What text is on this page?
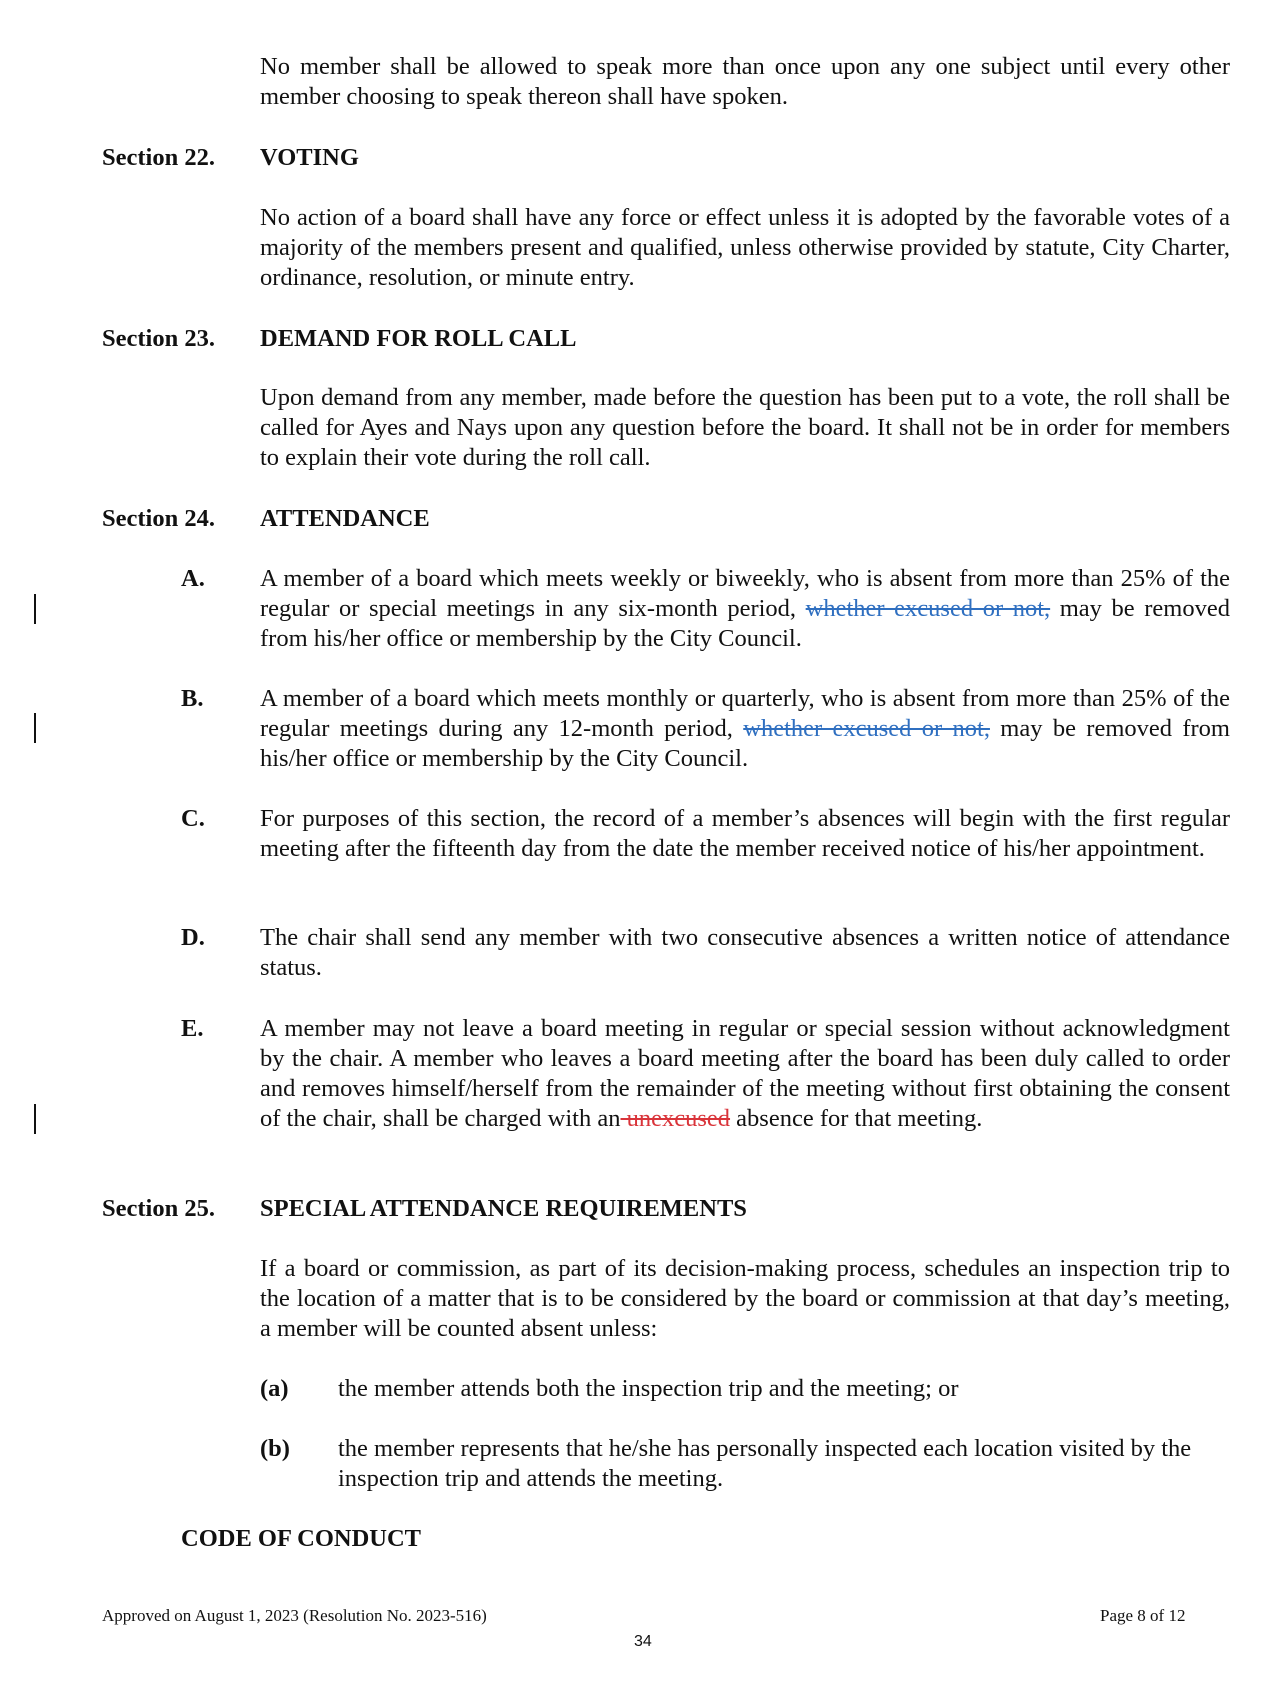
No member shall be allowed to speak more than once upon any one subject until every other member choosing to speak thereon shall have spoken.
Section 22. VOTING
No action of a board shall have any force or effect unless it is adopted by the favorable votes of a majority of the members present and qualified, unless otherwise provided by statute, City Charter, ordinance, resolution, or minute entry.
Section 23. DEMAND FOR ROLL CALL
Upon demand from any member, made before the question has been put to a vote, the roll shall be called for Ayes and Nays upon any question before the board. It shall not be in order for members to explain their vote during the roll call.
Section 24. ATTENDANCE
A. A member of a board which meets weekly or biweekly, who is absent from more than 25% of the regular or special meetings in any six-month period, whether excused or not, may be removed from his/her office or membership by the City Council.
B. A member of a board which meets monthly or quarterly, who is absent from more than 25% of the regular meetings during any 12-month period, whether excused or not, may be removed from his/her office or membership by the City Council.
C. For purposes of this section, the record of a member’s absences will begin with the first regular meeting after the fifteenth day from the date the member received notice of his/her appointment.
D. The chair shall send any member with two consecutive absences a written notice of attendance status.
E. A member may not leave a board meeting in regular or special session without acknowledgment by the chair. A member who leaves a board meeting after the board has been duly called to order and removes himself/herself from the remainder of the meeting without first obtaining the consent of the chair, shall be charged with an unexcused absence for that meeting.
Section 25. SPECIAL ATTENDANCE REQUIREMENTS
If a board or commission, as part of its decision-making process, schedules an inspection trip to the location of a matter that is to be considered by the board or commission at that day’s meeting, a member will be counted absent unless:
(a) the member attends both the inspection trip and the meeting; or
(b) the member represents that he/she has personally inspected each location visited by the inspection trip and attends the meeting.
CODE OF CONDUCT
Approved on August 1, 2023 (Resolution No. 2023-516)	Page 8 of 12
34
